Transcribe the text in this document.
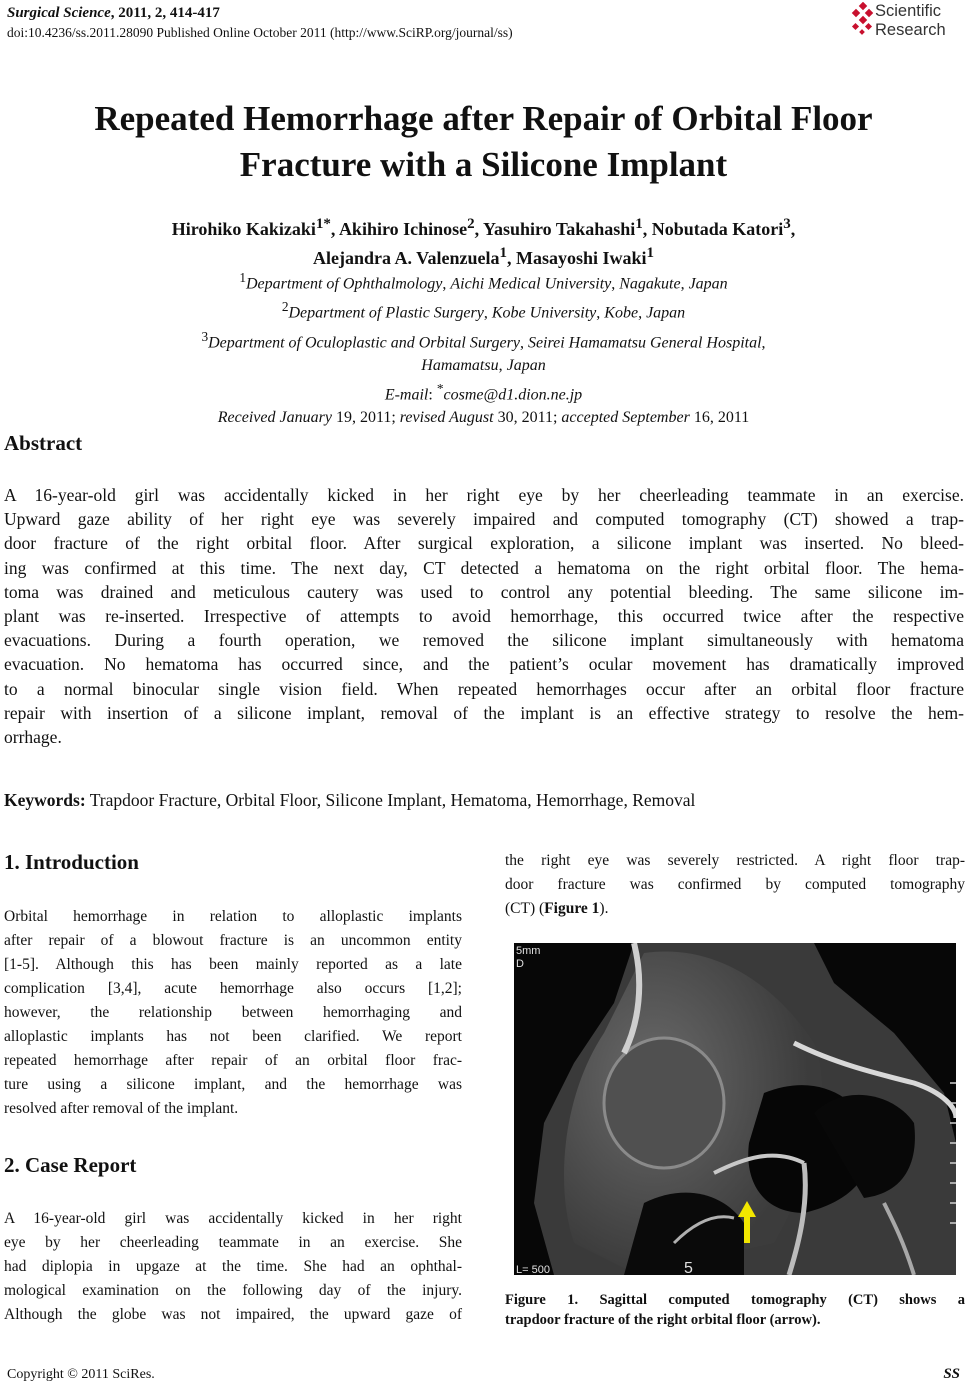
Surgical Science, 2011, 2, 414-417
doi:10.4236/ss.2011.28090 Published Online October 2011 (http://www.SciRP.org/journal/ss)
Scientific
Research
Repeated Hemorrhage after Repair of Orbital Floor
Fracture with a Silicone Implant
Hirohiko Kakizaki$^{1*}$, Akihiro Ichinose$^2$, Yasuhiro Takahashi$^1$, Nobutada Katori$^3$,
Alejandra A. Valenzuela$^1$, Masayoshi Iwaki$^1$
$^1$Department of Ophthalmology, Aichi Medical University, Nagakute, Japan
$^2$Department of Plastic Surgery, Kobe University, Kobe, Japan
$^3$Department of Oculoplastic and Orbital Surgery, Seirei Hamamatsu General Hospital,
Hamamatsu, Japan
E-mail: *cosme@d1.dion.ne.jp
Received January 19, 2011; revised August 30, 2011; accepted September 16, 2011
Abstract
A 16-year-old girl was accidentally kicked in her right eye by her cheerleading teammate in an exercise.
Upward gaze ability of her right eye was severely impaired and computed tomography (CT) showed a trap-
door fracture of the right orbital floor. After surgical exploration, a silicone implant was inserted. No bleed-
ing was confirmed at this time. The next day, CT detected a hematoma on the right orbital floor. The hema-
toma was drained and meticulous cautery was used to control any potential bleeding. The same silicone im-
plant was re-inserted. Irrespective of attempts to avoid hemorrhage, this occurred twice after the respective
evacuations. During a fourth operation, we removed the silicone implant simultaneously with hematoma
evacuation. No hematoma has occurred since, and the patient’s ocular movement has dramatically improved
to a normal binocular single vision field. When repeated hemorrhages occur after an orbital floor fracture
repair with insertion of a silicone implant, removal of the implant is an effective strategy to resolve the hem-
orrhage.
Keywords: Trapdoor Fracture, Orbital Floor, Silicone Implant, Hematoma, Hemorrhage, Removal
1. Introduction
Orbital hemorrhage in relation to alloplastic implants
after repair of a blowout fracture is an uncommon entity
[1-5]. Although this has been mainly reported as a late
complication [3,4], acute hemorrhage also occurs [1,2];
however, the relationship between hemorrhaging and
alloplastic implants has not been clarified. We report
repeated hemorrhage after repair of an orbital floor frac-
ture using a silicone implant, and the hemorrhage was
resolved after removal of the implant.
2. Case Report
A 16-year-old girl was accidentally kicked in her right
eye by her cheerleading teammate in an exercise. She
had diplopia in upgaze at the time. She had an ophthal-
mological examination on the following day of the injury.
Although the globe was not impaired, the upward gaze of
the right eye was severely restricted. A right floor trap-
door fracture was confirmed by computed tomography
(CT) (Figure 1).
5mm
D
L= 500	5
Figure 1. Sagittal computed tomography (CT) shows a
trapdoor fracture of the right orbital floor (arrow).
Copyright © 2011 SciRes.	SS
